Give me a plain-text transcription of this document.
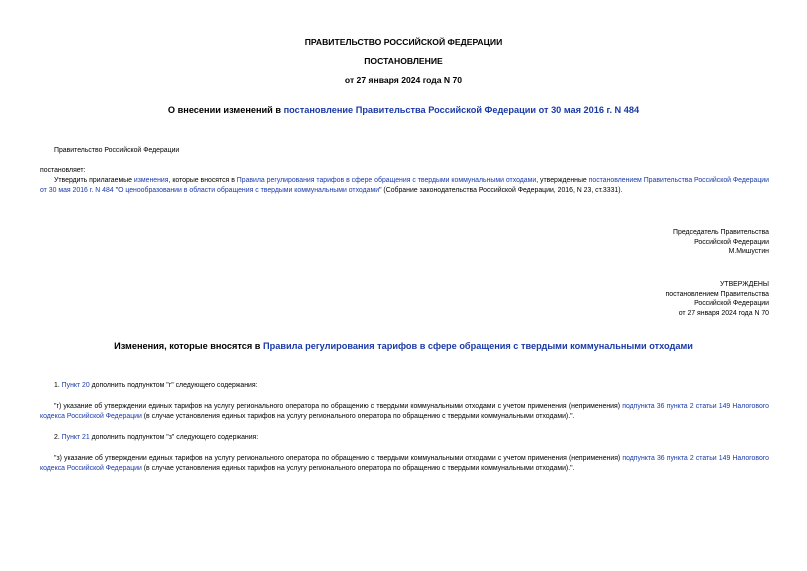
ПРАВИТЕЛЬСТВО РОССИЙСКОЙ ФЕДЕРАЦИИ
ПОСТАНОВЛЕНИЕ
от 27 января 2024 года N 70
О внесении изменений в постановление Правительства Российской Федерации от 30 мая 2016 г. N 484
Правительство Российской Федерации
постановляет:
Утвердить прилагаемые изменения, которые вносятся в Правила регулирования тарифов в сфере обращения с твердыми коммунальными отходами, утвержденные постановлением Правительства Российской Федерации от 30 мая 2016 г. N 484 "О ценообразовании в области обращения с твердыми коммунальными отходами" (Собрание законодательства Российской Федерации, 2016, N 23, ст.3331).
Председатель Правительства
Российской Федерации
М.Мишустин
УТВЕРЖДЕНЫ
постановлением Правительства
Российской Федерации
от 27 января 2024 года N 70
Изменения, которые вносятся в Правила регулирования тарифов в сфере обращения с твердыми коммунальными отходами
1. Пункт 20 дополнить подпунктом "г" следующего содержания:
"г) указание об утверждении единых тарифов на услугу регионального оператора по обращению с твердыми коммунальными отходами с учетом применения (неприменения) подпункта 36 пункта 2 статьи 149 Налогового кодекса Российской Федерации (в случае установления единых тарифов на услугу регионального оператора по обращению с твердыми коммунальными отходами).".
2. Пункт 21 дополнить подпунктом "з" следующего содержания:
"з) указание об утверждении единых тарифов на услугу регионального оператора по обращению с твердыми коммунальными отходами с учетом применения (неприменения) подпункта 36 пункта 2 статьи 149 Налогового кодекса Российской Федерации (в случае установления единых тарифов на услугу регионального оператора по обращению с твердыми коммунальными отходами).".
